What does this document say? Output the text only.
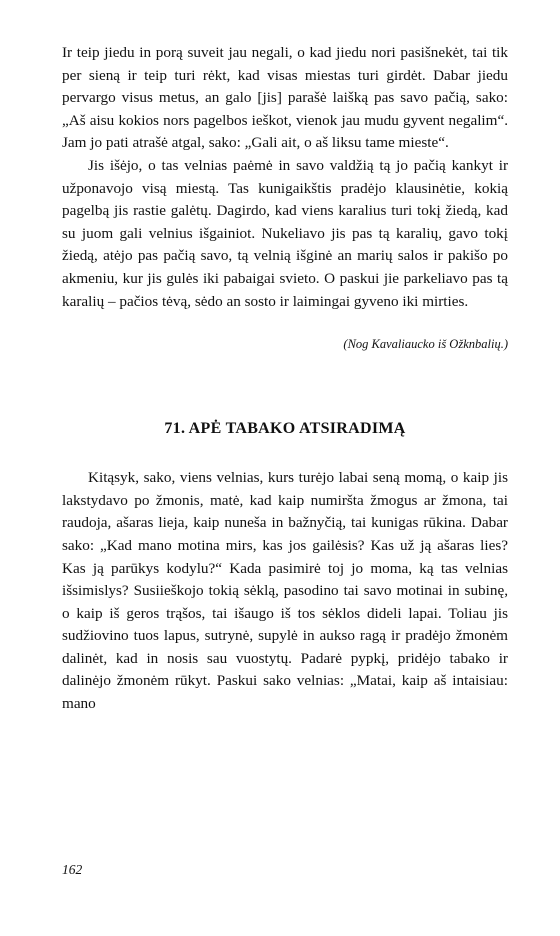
Ir teip jiedu in porą suveit jau negali, o kad jiedu nori pasišnekėt, tai tik per sieną ir teip turi rėkt, kad visas miestas turi girdėt. Dabar jiedu pervargo visus metus, an galo [jis] parašė laišką pas savo pačią, sako: „Aš aisu kokios nors pagelbos ieškot, vienok jau mudu gyvent negalim“. Jam jo pati atrašė atgal, sako: „Gali ait, o aš liksu tame mieste“.

Jis išėjo, o tas velnias paėmė in savo valdžią tą jo pačią kankyt ir užponavojo visą miestą. Tas kunigaikštis pradėjo klausinėtie, kokią pagelbą jis rastie galėtų. Dagirdo, kad viens karalius turi tokį žiedą, kad su juom gali velnius išgainiot. Nukeliavo jis pas tą karalių, gavo tokį žiedą, atėjo pas pačią savo, tą velnią išginė an marių salos ir pakišo po akmeniu, kur jis gulės iki pabaigai svieto. O paskui jie parkeliavo pas tą karalių – pačios tėvą, sėdo an sosto ir laimingai gyveno iki mirties.

(Nog Kavaliaucko iš Ožknbalių.)

71. APĖ TABAKO ATSIRADIMĄ

Kitąsyk, sako, viens velnias, kurs turėjo labai seną momą, o kaip jis lakstydavo po žmonis, matė, kad kaip numiršta žmogus ar žmona, tai raudoja, ašaras lieja, kaip nuneša in bažnyčią, tai kunigas rūkina. Dabar sako: „Kad mano motina mirs, kas jos gailėsis? Kas už ją ašaras lies? Kas ją parūkys kodylu?“ Kada pasimirė toj jo moma, ką tas velnias išsimislys? Susiieškojo tokią sėklą, pasodino tai savo motinai in subinę, o kaip iš geros trąšos, tai išaugo iš tos sėklos dideli lapai. Toliau jis sudžiovino tuos lapus, sutrynė, supylė in aukso ragą ir pradėjo žmonėm dalinėt, kad in nosis sau vuostytų. Padarė pypkį, pridėjo tabako ir dalinėjo žmonėm rūkyt. Paskui sako velnias: „Matai, kaip aš intaisiau: mano

162
